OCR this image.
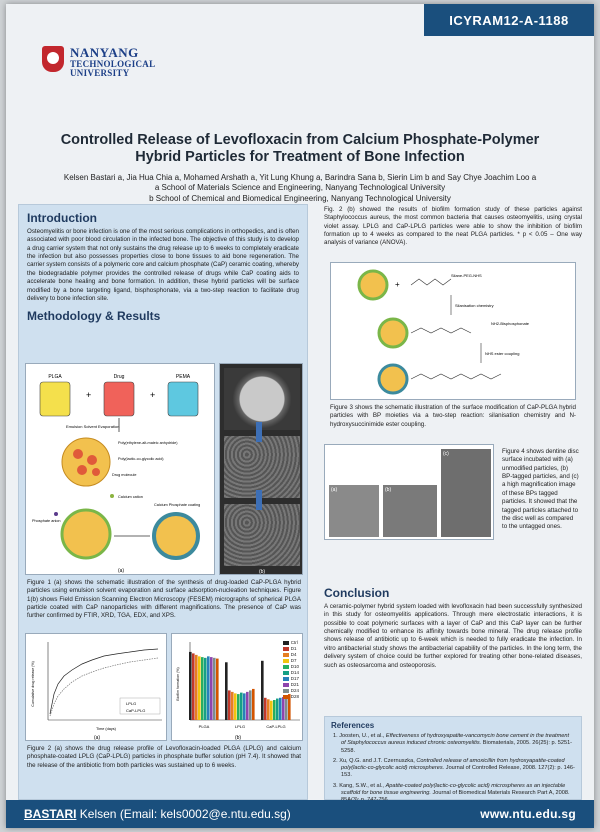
ICYRAM12-A-1188
NANYANG
TECHNOLOGICAL
UNIVERSITY
Controlled Release of Levofloxacin from Calcium Phosphate-Polymer
Hybrid Particles for Treatment of Bone Infection
Kelsen Bastari a, Jia Hua Chia a, Mohamed Arshath a, Yit Lung Khung a, Barindra Sana b, Sierin Lim b and Say Chye Joachim Loo a
a School of Materials Science and Engineering, Nanyang Technological University
b School of Chemical and Biomedical Engineering, Nanyang Technological University
Introduction
Osteomyelitis or bone infection is one of the most serious complications in orthopedics, and is often associated with poor blood circulation in the infected bone. The objective of this study is to develop a drug carrier system that not only sustains the drug release up to 6 weeks to completely eradicate the infection but also possesses properties close to bone tissues to aid bone regeneration. The carrier system consists of a polymeric core and calcium phosphate (CaP) ceramic coating, whereby the biodegradable polymer provides the controlled release of drugs while CaP coating aids to accelerate bone healing and bone formation. In addition, these hybrid particles will be surface modified by a bone targeting ligand, bisphosphonate, via a two-step reaction to facilitate drug delivery to bone infection site.
Methodology & Results
PLGA	Drug	PEMA
+	+
Emulsion Solvent Evaporation
Poly(ethylene-alt-maleic anhydride)
Poly(lactic-co-glycolic acid)
Drug molecule
Calcium cation
Phosphate anion
Calcium Phosphate coating
(a)	(b)
Figure 1 (a) shows the schematic illustration of the synthesis of drug-loaded CaP-PLGA hybrid particles using emulsion solvent evaporation and surface adsorption-nucleation techniques. Figure 1(b) shows Field Emission Scanning Electron Microscopy (FESEM) micrographs of spherical PLGA particle coated with CaP nanoparticles with different magnifications. The presence of CaP was further confirmed by FTIR, XRD, TGA, EDX, and XPS.
Cumulative drug release (%)
Time (days)
LPLG
CaP-LPLG
(a)
Biofilm formation (%)
PLGA	LPLG	CaP-LPLG
(b)
Ctrl
D1
D4
D7
D10
D14
D17
D21
D24
D28
Figure 2 (a) shows the drug release profile of Levofloxacin-loaded PLGA (LPLG) and calcium phosphate-coated LPLG (CaP-LPLG) particles in phosphate buffer solution (pH 7.4). It showed that the release of the antibiotic from both particles was sustained up to 6 weeks.
Fig. 2 (b) showed the results of biofilm formation study of these particles against Staphylococcus aureus, the most common bacteria that causes osteomyelitis, using crystal violet assay. LPLG and CaP-LPLG particles were able to show the inhibition of biofilm formation up to 4 weeks as compared to the neat PLGA particles. * p < 0.05 – One way analysis of variance (ANOVA).
+
Silane-PEG-NHS
Silanisation chemistry
NH2-Bisphosphonate
NHS ester coupling
Figure 3 shows the schematic illustration of the surface modification of CaP-PLGA hybrid particles with BP moieties via a two-step reaction: silanisation chemistry and N-hydroxysuccinimide ester coupling.
(a)	(b)
(c)	Figure 4 shows dentine disc surface incubated with (a) unmodified particles, (b) BP-tagged particles, and (c) a high magnification image of these BPs tagged particles. It showed that the tagged particles attached to the disc well as compared to the untagged ones.
Conclusion
A ceramic-polymer hybrid system loaded with levofloxacin had been successfully synthesized in this study for osteomyelitis applications. Through mere electrostatic interactions, it is possible to coat polymeric surfaces with a layer of CaP and this CaP layer can be further chemically modified to enhance its affinity towards bone mineral. The drug release profile shows release of antibiotic up to 6-week which is needed to fully eradicate the infection. In vitro antibacterial study shows the antibacterial capability of the particles. In the long term, the delivery system of choice could be further explored for treating other bone-related diseases, such as osteosarcoma and osteoporosis.
References
1. Joosten, U., et al., Effectiveness of hydroxyapatite-vancomycin bone cement in the treatment of Staphylococcus aureus induced chronic osteomyelitis. Biomaterials, 2005. 26(25): p. 5251-5258.
2. Xu, Q.G. and J.T. Czernuszka, Controlled release of amoxicillin from hydroxyapatite-coated poly(lactic-co-glycolic acid) microspheres. Journal of Controlled Release, 2008. 127(2): p. 146-153.
3. Kang, S.W., et al., Apatite-coated poly(lactic-co-glycolic acid) microspheres as an injectable scaffold for bone tissue engineering. Journal of Biomedical Materials Research Part A, 2008.
BASTARI Kelsen (Email: kels0002@e.ntu.edu.sg)	www.ntu.edu.sg
